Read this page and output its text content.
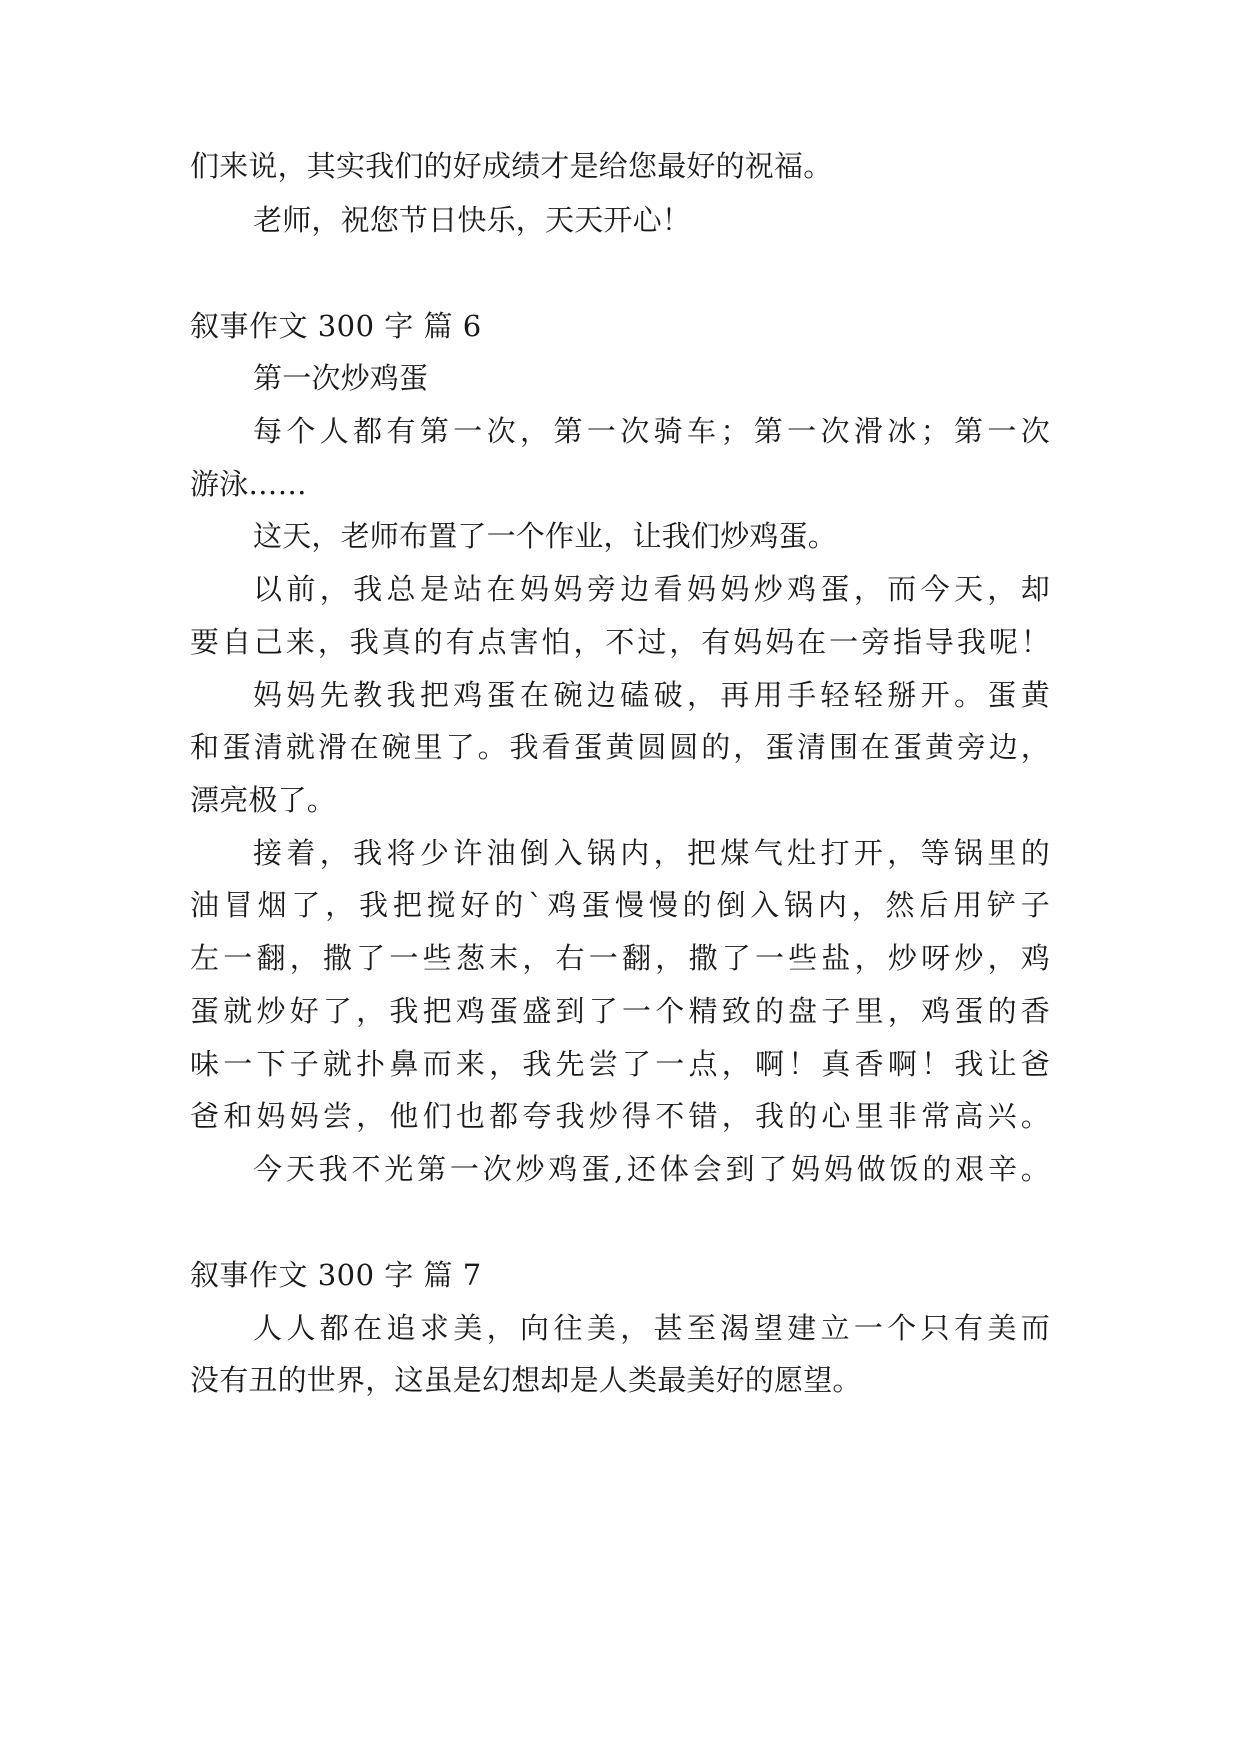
们来说，其实我们的好成绩才是给您最好的祝福。
老师，祝您节日快乐，天天开心！
叙事作文 300 字 篇 6
第一次炒鸡蛋
每个人都有第一次，第一次骑车；第一次滑冰；第一次
游泳……
这天，老师布置了一个作业，让我们炒鸡蛋。
以前，我总是站在妈妈旁边看妈妈炒鸡蛋，而今天，却
要自己来，我真的有点害怕，不过，有妈妈在一旁指导我呢！
妈妈先教我把鸡蛋在碗边磕破，再用手轻轻掰开。蛋黄
和蛋清就滑在碗里了。我看蛋黄圆圆的，蛋清围在蛋黄旁边，
漂亮极了。
接着，我将少许油倒入锅内，把煤气灶打开，等锅里的
油冒烟了，我把搅好的`鸡蛋慢慢的倒入锅内，然后用铲子
左一翻，撒了一些葱末，右一翻，撒了一些盐，炒呀炒，鸡
蛋就炒好了，我把鸡蛋盛到了一个精致的盘子里，鸡蛋的香
味一下子就扑鼻而来，我先尝了一点，啊！真香啊！我让爸
爸和妈妈尝，他们也都夸我炒得不错，我的心里非常高兴。
今天我不光第一次炒鸡蛋,还体会到了妈妈做饭的艰辛。
叙事作文 300 字 篇 7
人人都在追求美，向往美，甚至渴望建立一个只有美而
没有丑的世界，这虽是幻想却是人类最美好的愿望。
